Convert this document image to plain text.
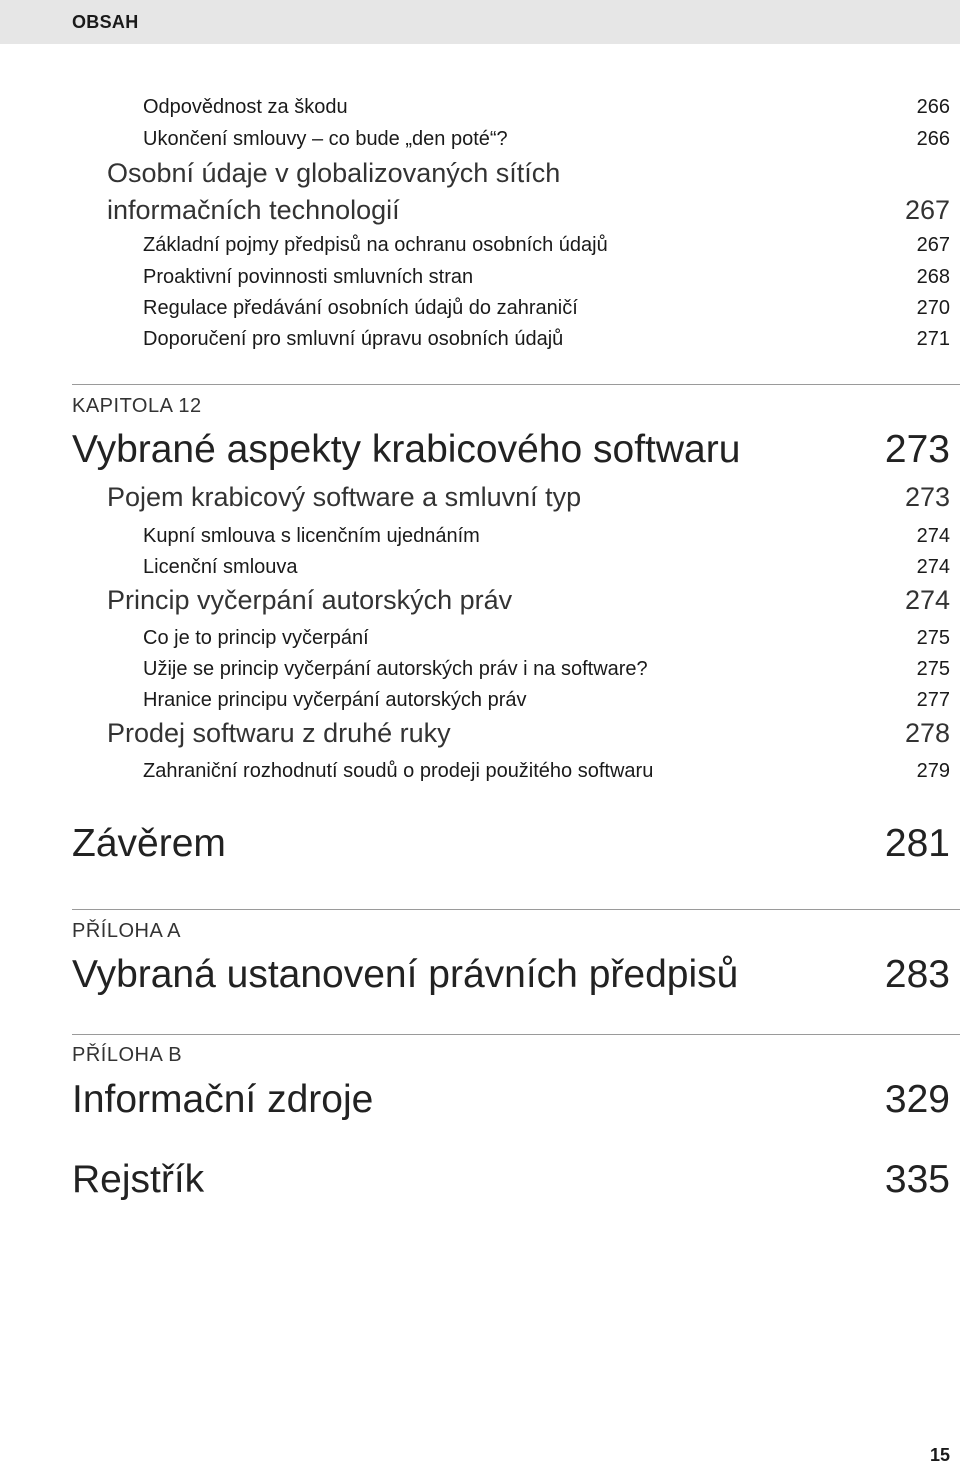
OBSAH
Odpovědnost za škodu	266
Ukončení smlouvy – co bude „den poté“?	266
Osobní údaje v globalizovaných sítích
informačních technologií	267
Základní pojmy předpisů na ochranu osobních údajů	267
Proaktivní povinnosti smluvních stran	268
Regulace předávání osobních údajů do zahraničí	270
Doporučení pro smluvní úpravu osobních údajů	271
KAPITOLA 12
Vybrané aspekty krabicového softwaru	273
Pojem krabicový software a smluvní typ	273
Kupní smlouva s licenčním ujednáním	274
Licenční smlouva	274
Princip vyčerpání autorských práv	274
Co je to princip vyčerpání	275
Užije se princip vyčerpání autorských práv i na software?	275
Hranice principu vyčerpání autorských práv	277
Prodej softwaru z druhé ruky	278
Zahraniční rozhodnutí soudů o prodeji použitého softwaru	279
Závěrem	281
PŘÍLOHA A
Vybraná ustanovení právních předpisů	283
PŘÍLOHA B
Informační zdroje	329
Rejstřík	335
15
